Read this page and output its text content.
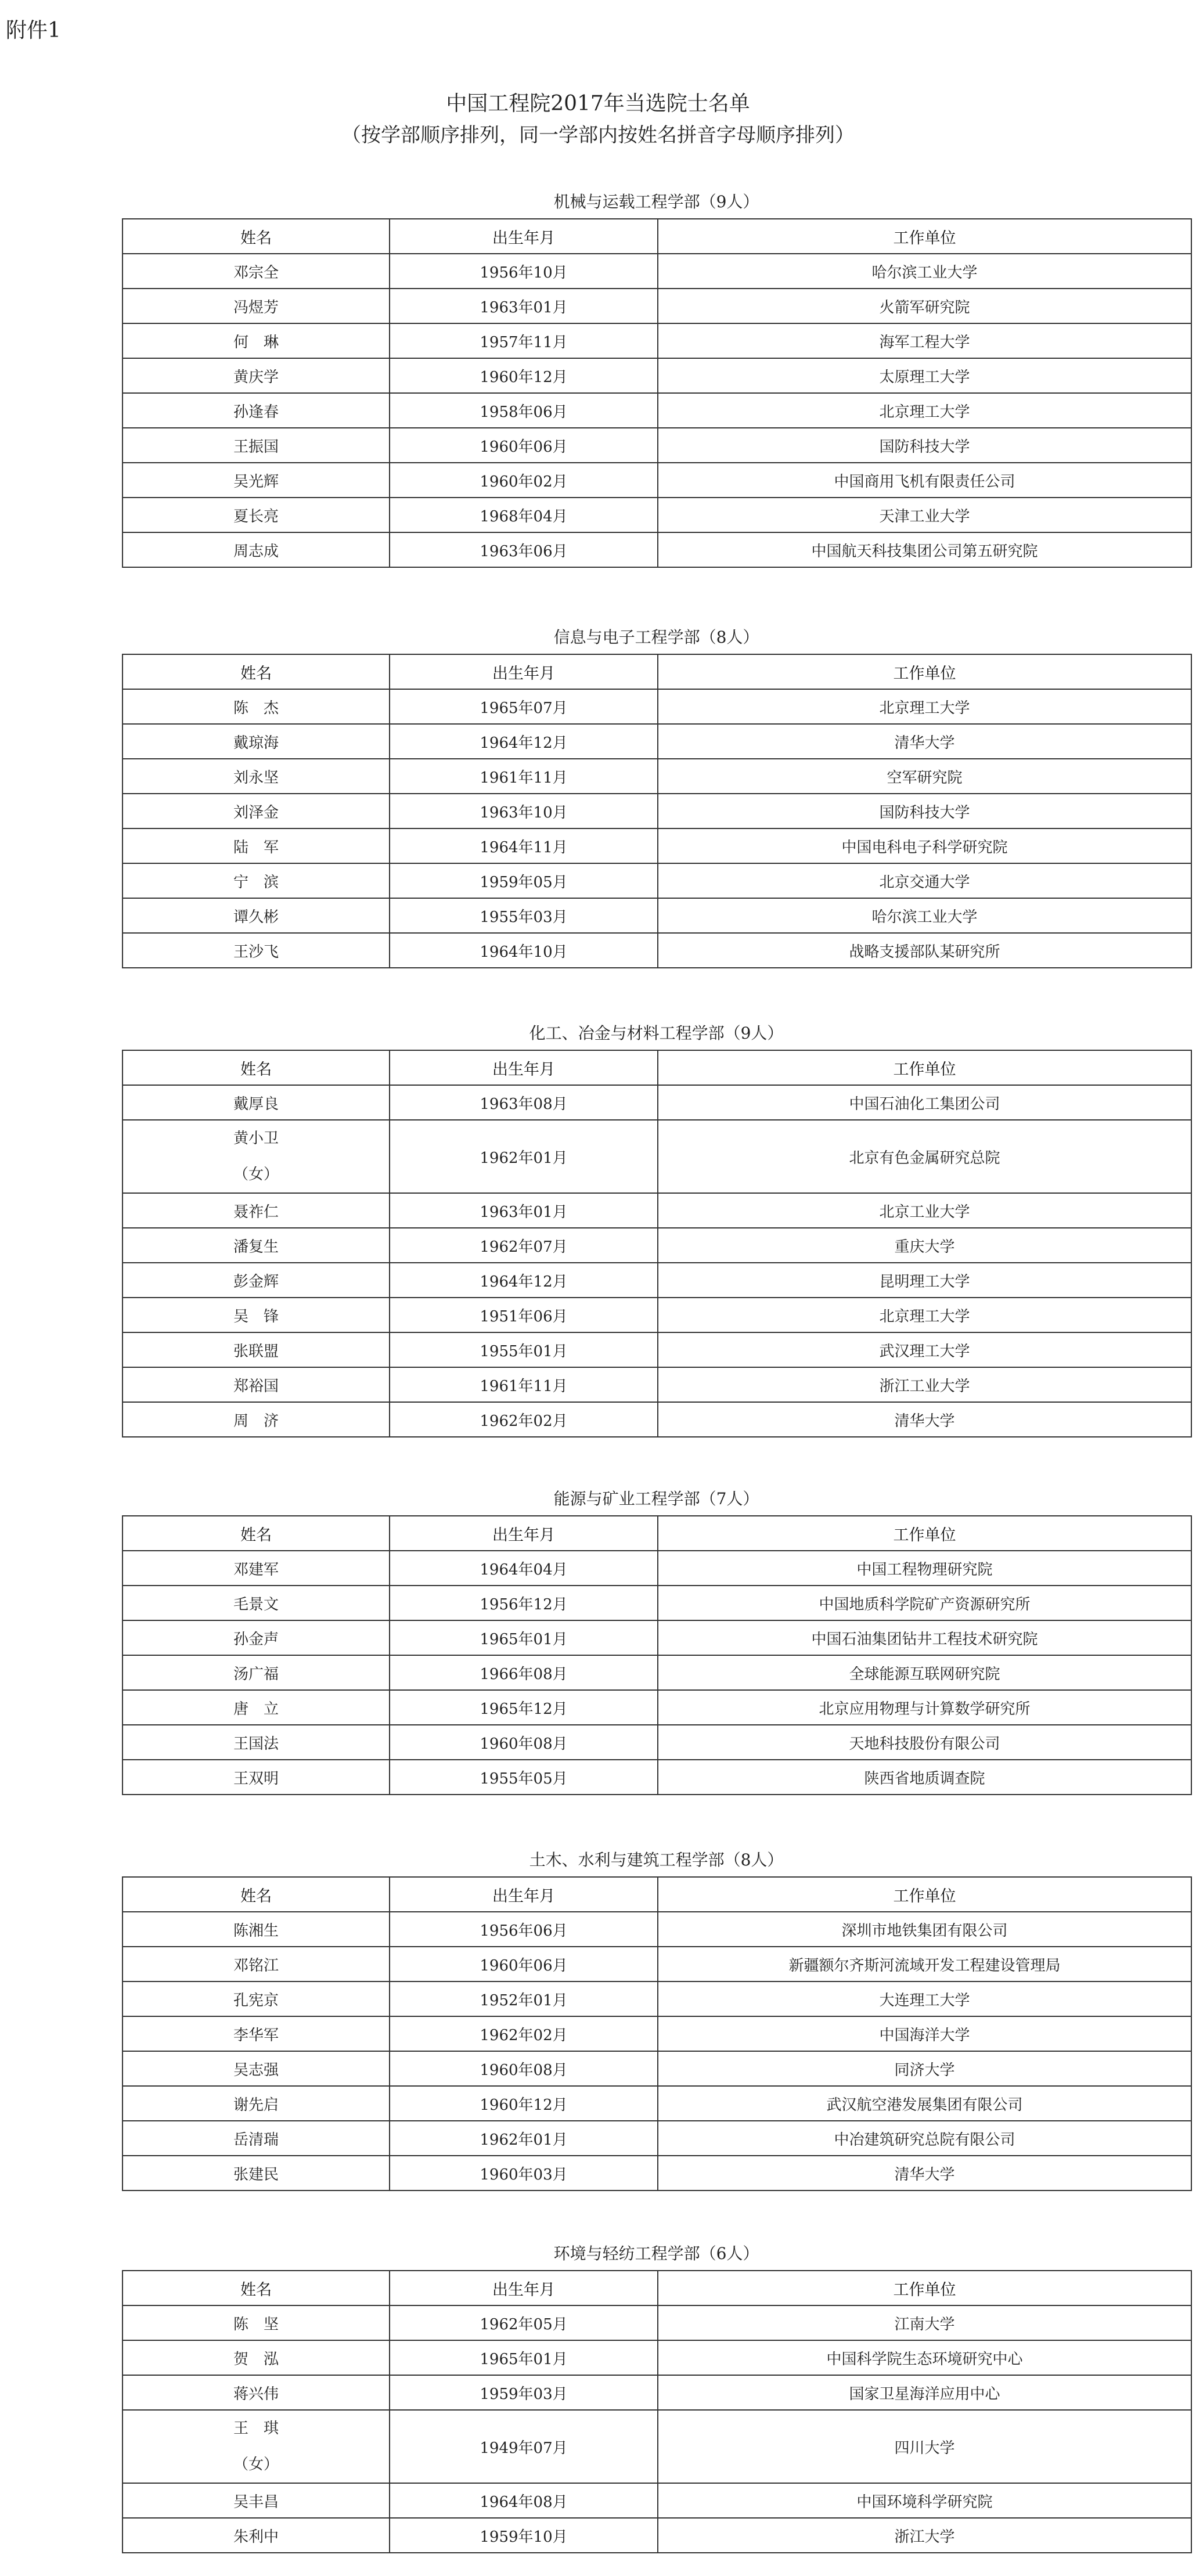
附件1
中国工程院2017年当选院士名单
（按学部顺序排列，同一学部内按姓名拼音字母顺序排列）
机械与运载工程学部（9人）
姓名	出生年月	工作单位
邓宗全	1956年10月	哈尔滨工业大学
冯煜芳	1963年01月	火箭军研究院
何　琳	1957年11月	海军工程大学
黄庆学	1960年12月	太原理工大学
孙逢春	1958年06月	北京理工大学
王振国	1960年06月	国防科技大学
吴光辉	1960年02月	中国商用飞机有限责任公司
夏长亮	1968年04月	天津工业大学
周志成	1963年06月	中国航天科技集团公司第五研究院
信息与电子工程学部（8人）
姓名	出生年月	工作单位
陈　杰	1965年07月	北京理工大学
戴琼海	1964年12月	清华大学
刘永坚	1961年11月	空军研究院
刘泽金	1963年10月	国防科技大学
陆　军	1964年11月	中国电科电子科学研究院
宁　滨	1959年05月	北京交通大学
谭久彬	1955年03月	哈尔滨工业大学
王沙飞	1964年10月	战略支援部队某研究所
化工、冶金与材料工程学部（9人）
姓名	出生年月	工作单位
戴厚良	1963年08月	中国石油化工集团公司

黄小卫
（女）	1962年01月	北京有色金属研究总院
聂祚仁	1963年01月	北京工业大学
潘复生	1962年07月	重庆大学
彭金辉	1964年12月	昆明理工大学
吴　锋	1951年06月	北京理工大学
张联盟	1955年01月	武汉理工大学
郑裕国	1961年11月	浙江工业大学
周　济	1962年02月	清华大学
能源与矿业工程学部（7人）
姓名	出生年月	工作单位
邓建军	1964年04月	中国工程物理研究院
毛景文	1956年12月	中国地质科学院矿产资源研究所
孙金声	1965年01月	中国石油集团钻井工程技术研究院
汤广福	1966年08月	全球能源互联网研究院
唐　立	1965年12月	北京应用物理与计算数学研究所
王国法	1960年08月	天地科技股份有限公司
王双明	1955年05月	陕西省地质调查院
土木、水利与建筑工程学部（8人）
姓名	出生年月	工作单位
陈湘生	1956年06月	深圳市地铁集团有限公司
邓铭江	1960年06月	新疆额尔齐斯河流域开发工程建设管理局
孔宪京	1952年01月	大连理工大学
李华军	1962年02月	中国海洋大学
吴志强	1960年08月	同济大学
谢先启	1960年12月	武汉航空港发展集团有限公司
岳清瑞	1962年01月	中冶建筑研究总院有限公司
张建民	1960年03月	清华大学
环境与轻纺工程学部（6人）
姓名	出生年月	工作单位
陈　坚	1962年05月	江南大学
贺　泓	1965年01月	中国科学院生态环境研究中心
蒋兴伟	1959年03月	国家卫星海洋应用中心

王　琪
（女）	1949年07月	四川大学
吴丰昌	1964年08月	中国环境科学研究院
朱利中	1959年10月	浙江大学
